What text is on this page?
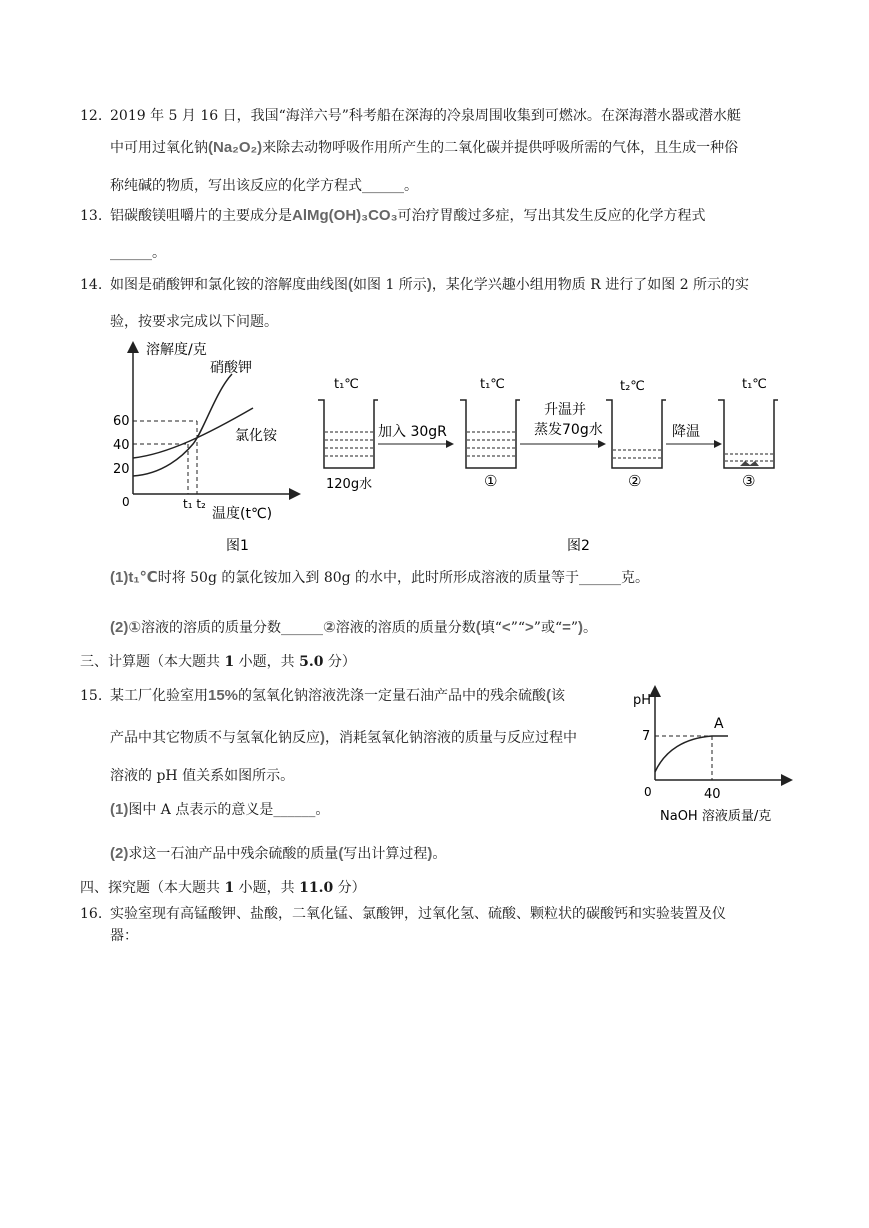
12. 2019 年 5 月 16 日，我国“海洋六号”科考船在深海的冷泉周围收集到可燃冰。在深海潜水器或潜水艇
中可用过氧化钠(Na₂O₂)来除去动物呼吸作用所产生的二氧化碳并提供呼吸所需的气体，且生成一种俗
称纯碱的物质，写出该反应的化学方程式______。
13. 铝碳酸镁咀嚼片的主要成分是AlMg(OH)₃CO₃可治疗胃酸过多症，写出其发生反应的化学方程式
______。
14. 如图是硝酸钾和氯化铵的溶解度曲线图(如图 1 所示)，某化学兴趣小组用物质 R 进行了如图 2 所示的实
验，按要求完成以下问题。
溶解度/克
硝酸钾
氯化铵
60
40
20
0	t₁ t₂
温度(t℃)
图1
t₁℃
120g水
加入 30gR
t₁℃
①
升温并
蒸发70g水
t₂℃
②
降温
t₁℃
③
图2
(1)t₁℃时将 50g 的氯化铵加入到 80g 的水中，此时所形成溶液的质量等于______克。
(2)①溶液的溶质的质量分数______②溶液的溶质的质量分数(填“<”“>”或“=”)。
三、计算题（本大题共 1 小题，共 5.0 分）
15. 某工厂化验室用15%的氢氧化钠溶液洗涤一定量石油产品中的残余硫酸(该
产品中其它物质不与氢氧化钠反应)，消耗氢氧化钠溶液的质量与反应过程中
溶液的 pH 值关系如图所示。
(1)图中 A 点表示的意义是______。
(2)求这一石油产品中残余硫酸的质量(写出计算过程)。
pH
7
0	40
A
NaOH 溶液质量/克
四、探究题（本大题共 1 小题，共 11.0 分）
16. 实验室现有高锰酸钾、盐酸，二氧化锰、氯酸钾，过氧化氢、硫酸、颗粒状的碳酸钙和实验装置及仪
器：
